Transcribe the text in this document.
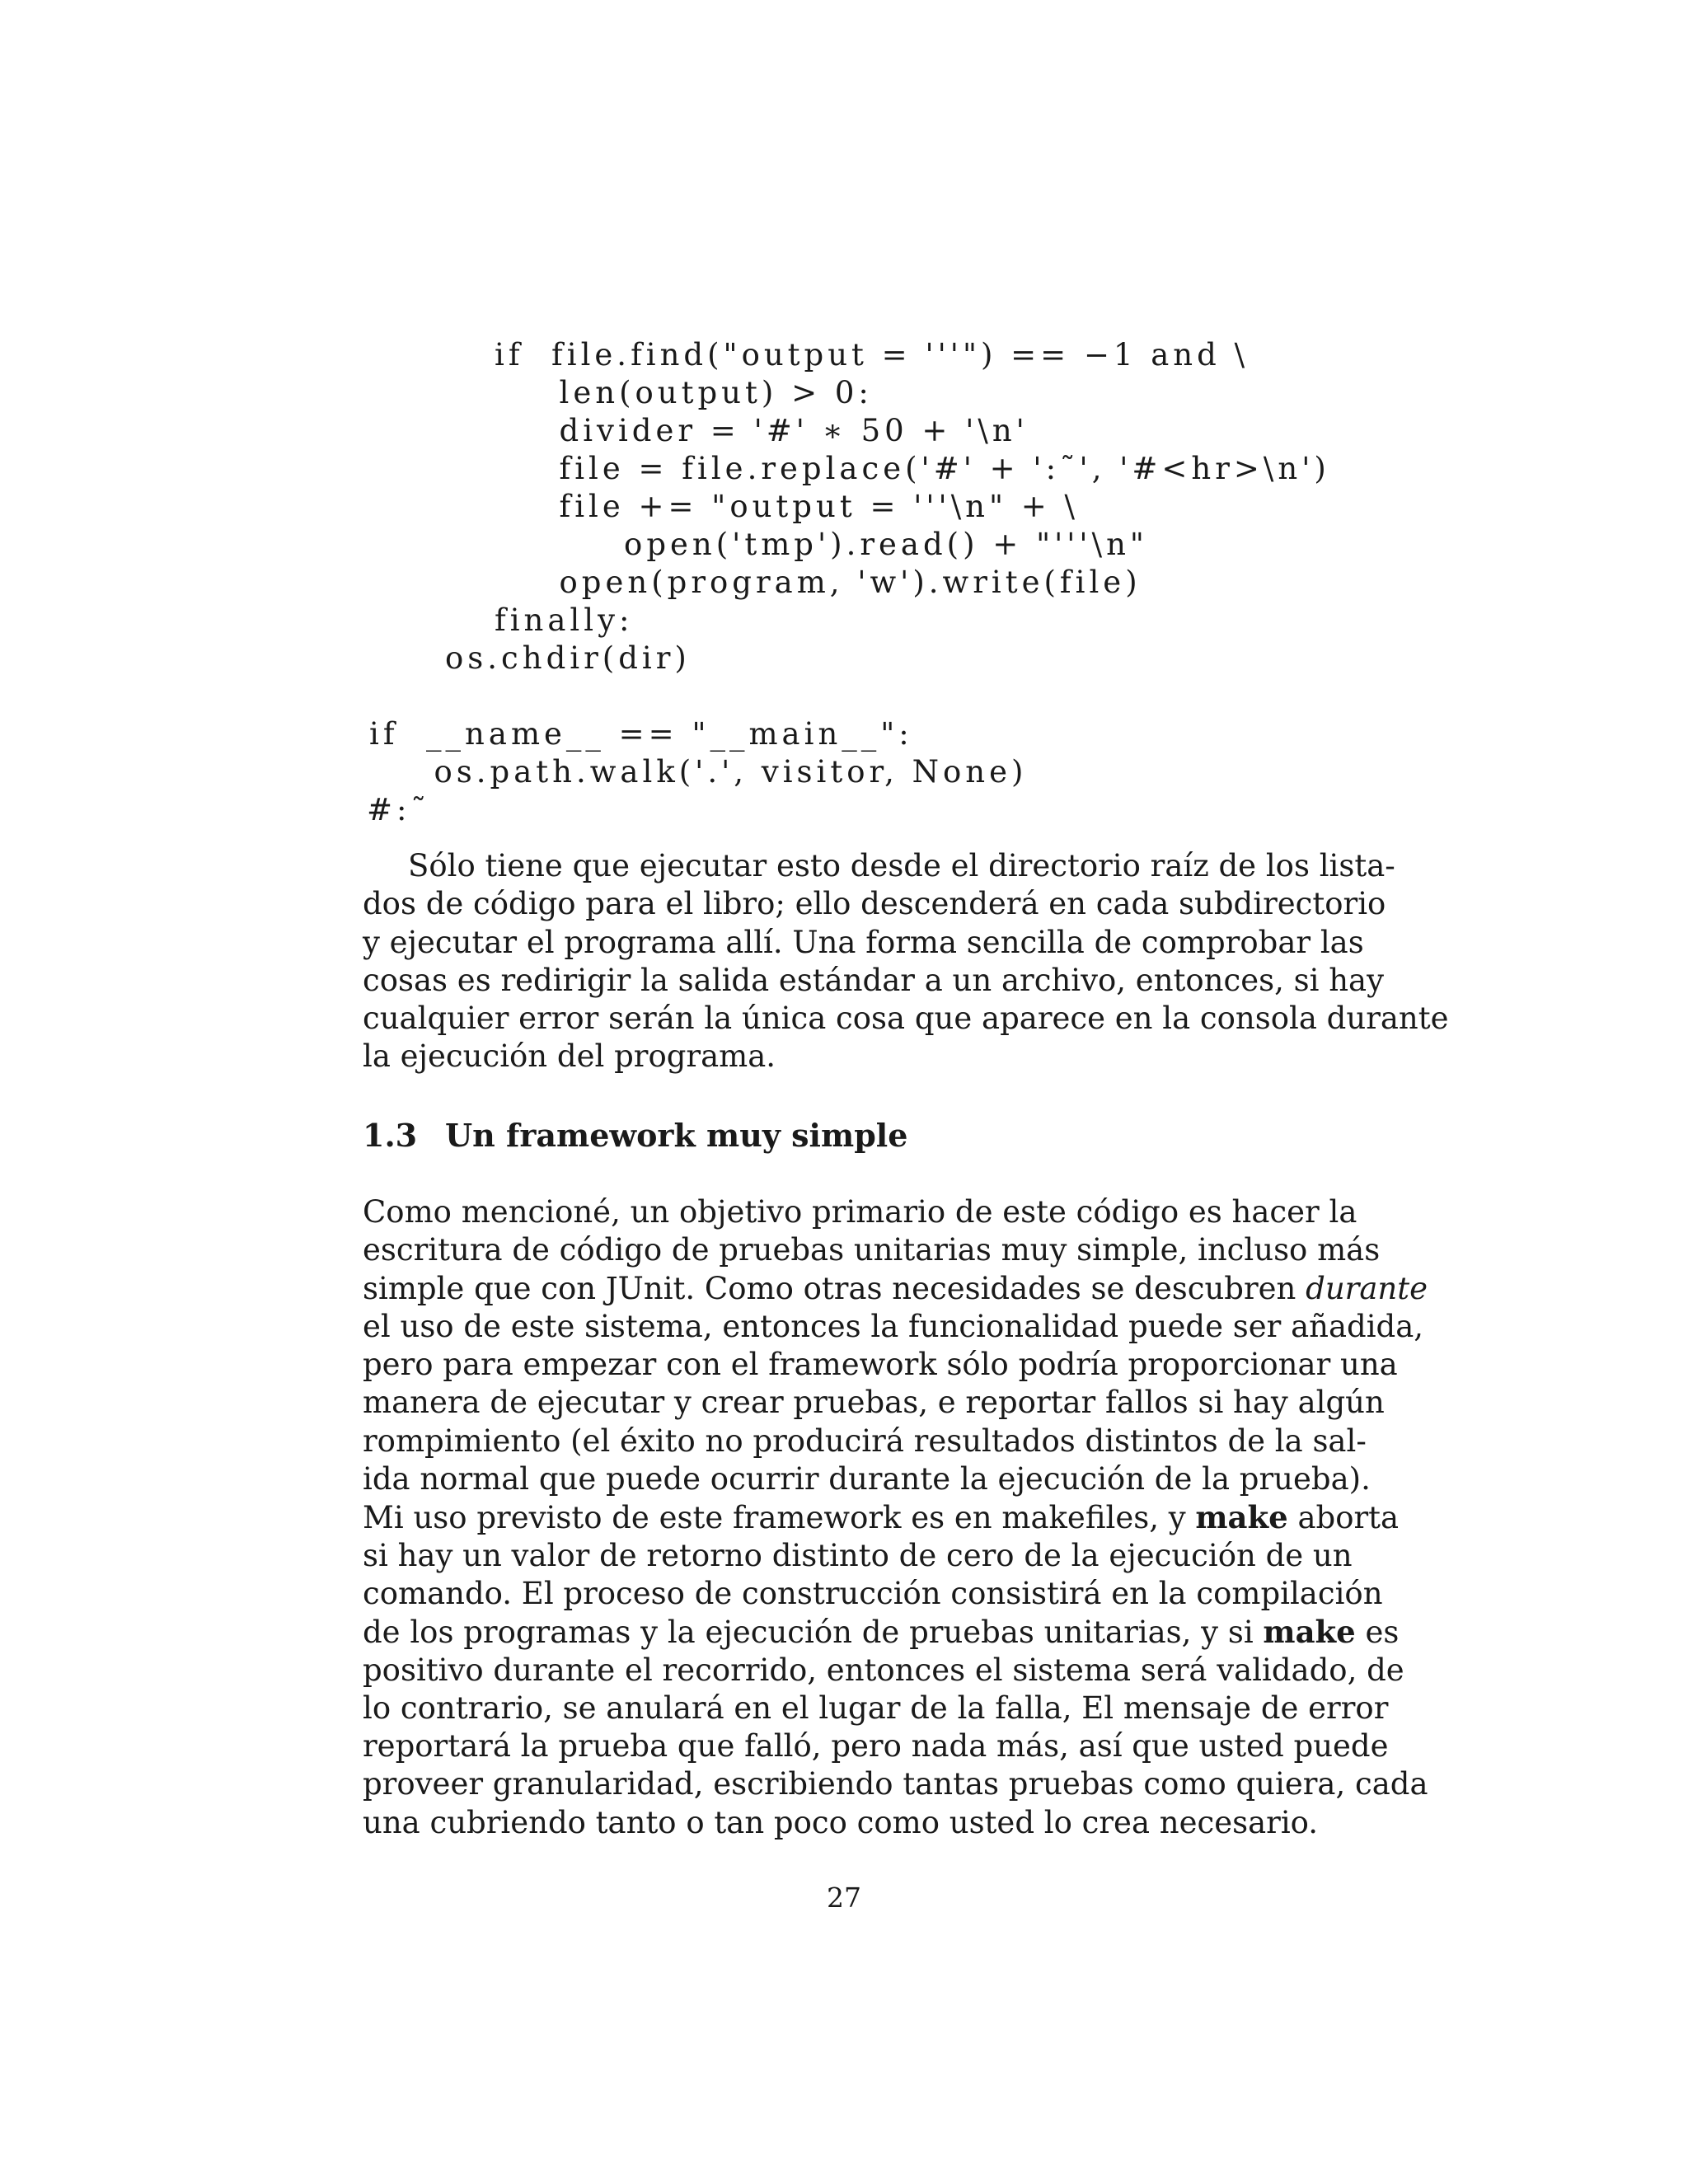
if  file.find("output = '''") == −1 and \
len(output) > 0:
divider = '#' ∗ 50 + '\n'
file = file.replace('#' + ':˜', '#<hr>\n')
file += "output = '''\n" + \
open('tmp').read() + "'''\n"
open(program, 'w').write(file)
finally:
os.chdir(dir)
if  __name__ == "__main__":
os.path.walk('.', visitor, None)
#:˜
Sólo tiene que ejecutar esto desde el directorio raíz de los lista-
dos de código para el libro; ello descenderá en cada subdirectorio
y ejecutar el programa allí. Una forma sencilla de comprobar las
cosas es redirigir la salida estándar a un archivo, entonces, si hay
cualquier error serán la única cosa que aparece en la consola durante
la ejecución del programa.
1.3 Un framework muy simple
Como mencioné, un objetivo primario de este código es hacer la
escritura de código de pruebas unitarias muy simple, incluso más
simple que con JUnit. Como otras necesidades se descubren durante
el uso de este sistema, entonces la funcionalidad puede ser añadida,
pero para empezar con el framework sólo podría proporcionar una
manera de ejecutar y crear pruebas, e reportar fallos si hay algún
rompimiento (el éxito no producirá resultados distintos de la sal-
ida normal que puede ocurrir durante la ejecución de la prueba).
Mi uso previsto de este framework es en makefiles, y make aborta
si hay un valor de retorno distinto de cero de la ejecución de un
comando. El proceso de construcción consistirá en la compilación
de los programas y la ejecución de pruebas unitarias, y si make es
positivo durante el recorrido, entonces el sistema será validado, de
lo contrario, se anulará en el lugar de la falla, El mensaje de error
reportará la prueba que falló, pero nada más, así que usted puede
proveer granularidad, escribiendo tantas pruebas como quiera, cada
una cubriendo tanto o tan poco como usted lo crea necesario.
27
